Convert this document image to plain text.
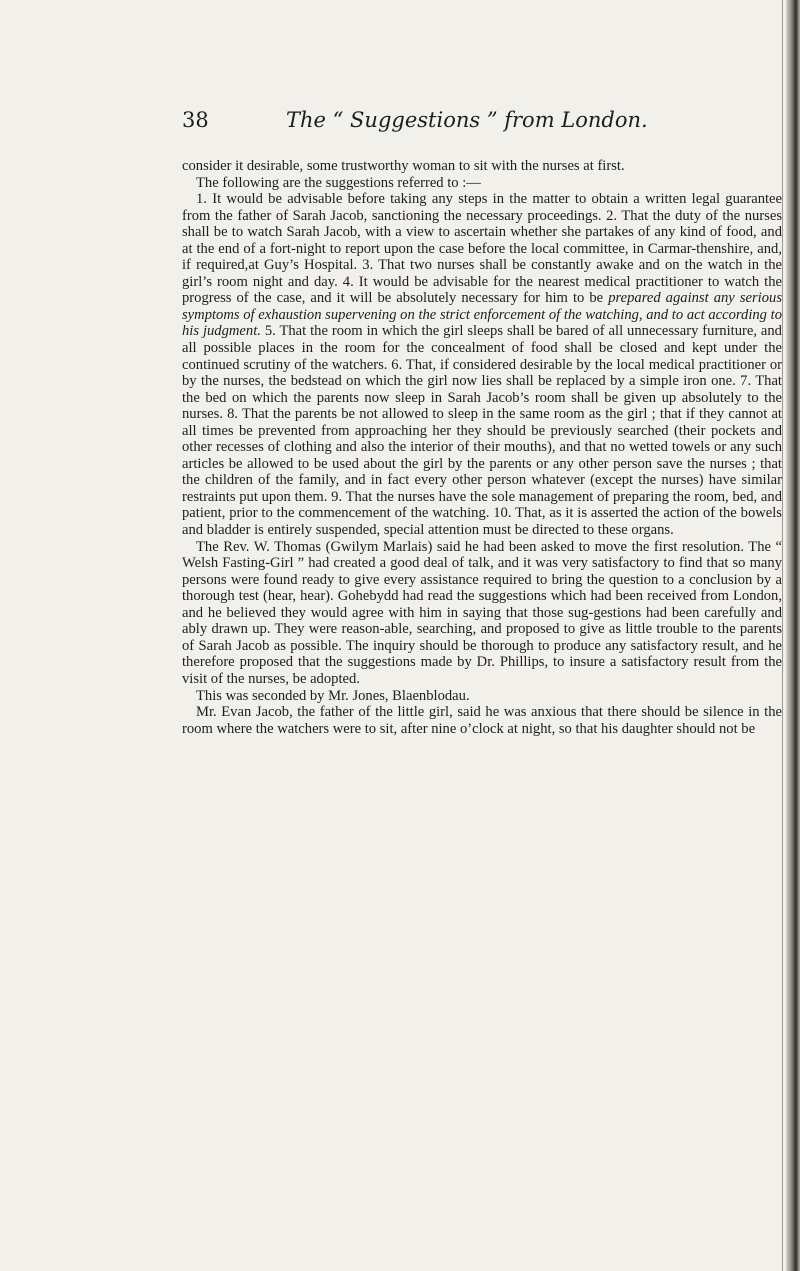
38	The “ Suggestions ” from London.

consider it desirable, some trustworthy woman to sit with the nurses at first.

The following are the suggestions referred to :—

1. It would be advisable before taking any steps in the matter to obtain a written legal guarantee from the father of Sarah Jacob, sanctioning the necessary proceedings. 2. That the duty of the nurses shall be to watch Sarah Jacob, with a view to ascertain whether she partakes of any kind of food, and at the end of a fort-night to report upon the case before the local committee, in Carmar-thenshire, and, if required,at Guy’s Hospital. 3. That two nurses shall be constantly awake and on the watch in the girl’s room night and day. 4. It would be advisable for the nearest medical practitioner to watch the progress of the case, and it will be absolutely necessary for him to be prepared against any serious symptoms of exhaustion supervening on the strict enforcement of the watching, and to act according to his judgment. 5. That the room in which the girl sleeps shall be bared of all unnecessary furniture, and all possible places in the room for the concealment of food shall be closed and kept under the continued scrutiny of the watchers. 6. That, if considered desirable by the local medical practitioner or by the nurses, the bedstead on which the girl now lies shall be replaced by a simple iron one. 7. That the bed on which the parents now sleep in Sarah Jacob’s room shall be given up absolutely to the nurses. 8. That the parents be not allowed to sleep in the same room as the girl ; that if they cannot at all times be prevented from approaching her they should be previously searched (their pockets and other recesses of clothing and also the interior of their mouths), and that no wetted towels or any such articles be allowed to be used about the girl by the parents or any other person save the nurses ; that the children of the family, and in fact every other person whatever (except the nurses) have similar restraints put upon them. 9. That the nurses have the sole management of preparing the room, bed, and patient, prior to the commencement of the watching. 10. That, as it is asserted the action of the bowels and bladder is entirely suspended, special attention must be directed to these organs.

The Rev. W. Thomas (Gwilym Marlais) said he had been asked to move the first resolution. The “ Welsh Fasting-Girl ” had created a good deal of talk, and it was very satisfactory to find that so many persons were found ready to give every assistance required to bring the question to a conclusion by a thorough test (hear, hear). Gohebydd had read the suggestions which had been received from London, and he believed they would agree with him in saying that those sug-gestions had been carefully and ably drawn up. They were reason-able, searching, and proposed to give as little trouble to the parents of Sarah Jacob as possible. The inquiry should be thorough to produce any satisfactory result, and he therefore proposed that the suggestions made by Dr. Phillips, to insure a satisfactory result from the visit of the nurses, be adopted.

This was seconded by Mr. Jones, Blaenblodau.

Mr. Evan Jacob, the father of the little girl, said he was anxious that there should be silence in the room where the watchers were to sit, after nine o’clock at night, so that his daughter should not be
